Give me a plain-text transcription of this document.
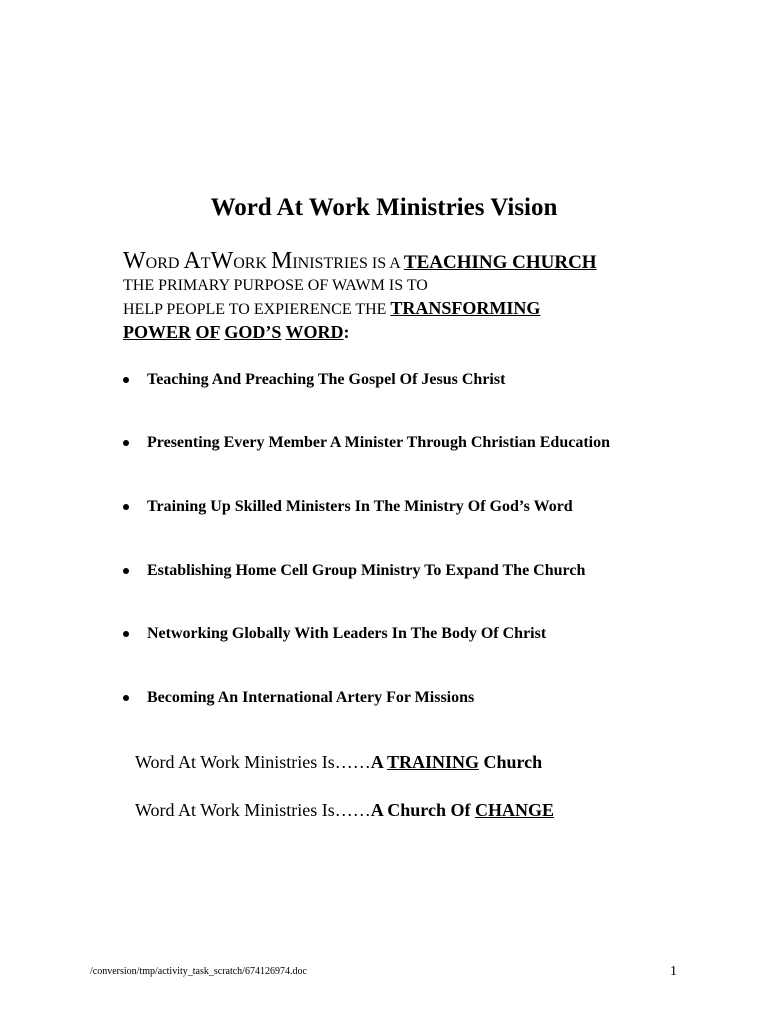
Word At Work Ministries Vision
WORD ATWORK MINISTRIES IS A TEACHING CHURCH
THE PRIMARY PURPOSE OF WAWM IS TO
HELP PEOPLE TO EXPIERENCE THE TRANSFORMING
POWER OF GOD’S WORD:
Teaching And Preaching The Gospel Of Jesus Christ
Presenting Every Member A Minister Through Christian Education
Training Up Skilled Ministers In The Ministry Of God’s Word
Establishing Home Cell Group Ministry To Expand The Church
Networking Globally With Leaders In The Body Of Christ
Becoming An International Artery For Missions
Word At Work Ministries Is……A TRAINING Church
Word At Work Ministries Is……A Church Of CHANGE
/conversion/tmp/activity_task_scratch/674126974.doc	1
